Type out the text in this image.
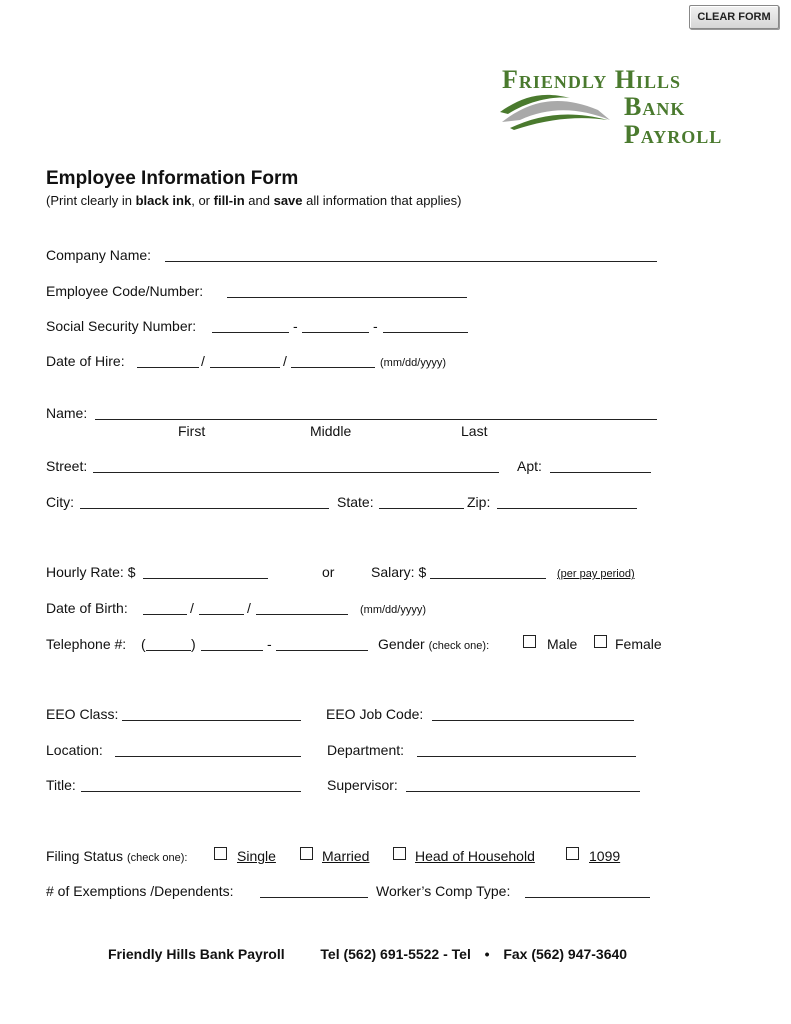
CLEAR FORM
Friendly Hills
Bank
Payroll
Employee Information Form
(Print clearly in black ink, or fill-in and save all information that applies)
Company Name:
Employee Code/Number:
Social Security Number:	-	-
Date of Hire:	/	/	(mm/dd/yyyy)
Name:
First	Middle	Last
Street:	Apt:
City:	State:	Zip:
Hourly Rate: $	or	Salary: $	(per pay period)
Date of Birth:	/	/	(mm/dd/yyyy)
Telephone #: (	)	-	Gender (check one):	Male	Female
EEO Class:	EEO Job Code:
Location:	Department:
Title:	Supervisor:
Filing Status (check one):	Single	Married	Head of Household	1099
# of Exemptions /Dependents:	Worker’s Comp Type:
Friendly Hills Bank Payroll	Tel (562) 691-5522 - Tel • Fax (562) 947-3640
